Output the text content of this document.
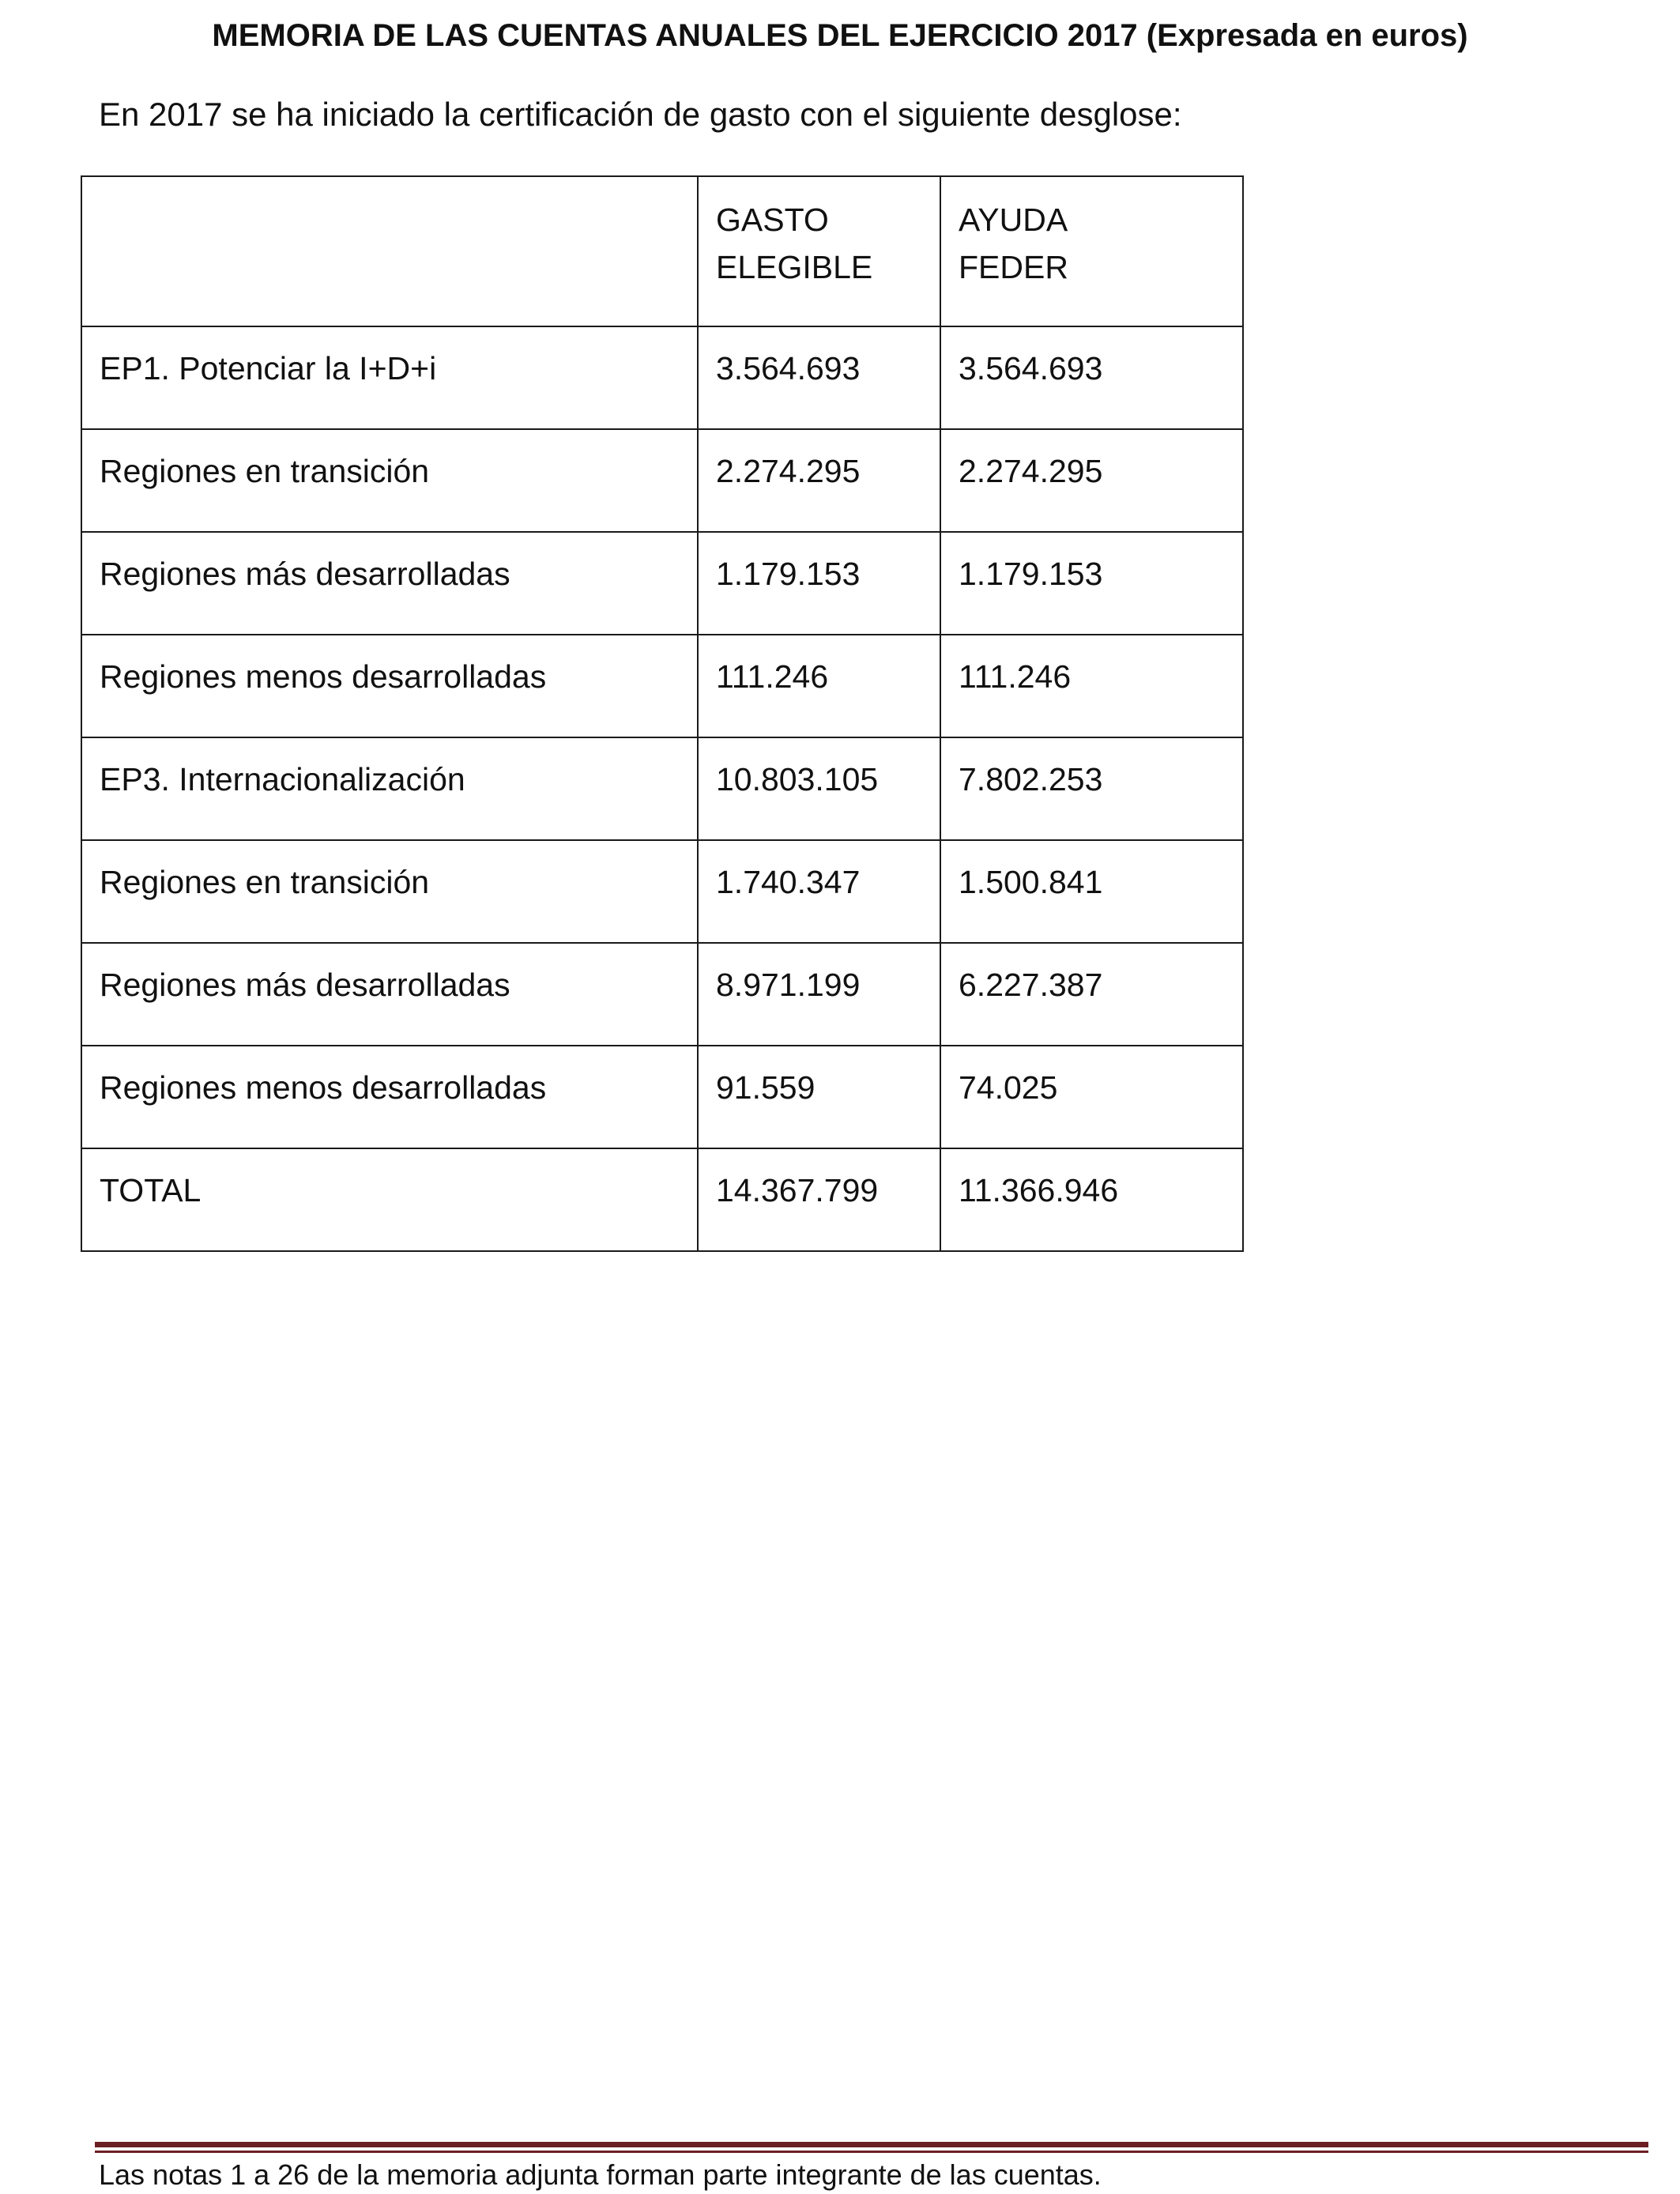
MEMORIA DE LAS CUENTAS ANUALES DEL EJERCICIO 2017 (Expresada en euros)
En 2017 se ha iniciado la certificación de gasto con el siguiente desglose:

	GASTO
ELEGIBLE	AYUDA
FEDER

EP1. Potenciar la I+D+i	3.564.693	3.564.693
Regiones en transición	2.274.295	2.274.295
Regiones más desarrolladas	1.179.153	1.179.153
Regiones menos desarrolladas	111.246	111.246
EP3. Internacionalización	10.803.105	7.802.253
Regiones en transición	1.740.347	1.500.841
Regiones más desarrolladas	8.971.199	6.227.387
Regiones menos desarrolladas	91.559	74.025
TOTAL	14.367.799	11.366.946
Las notas 1 a 26 de la memoria adjunta forman parte integrante de las cuentas.
